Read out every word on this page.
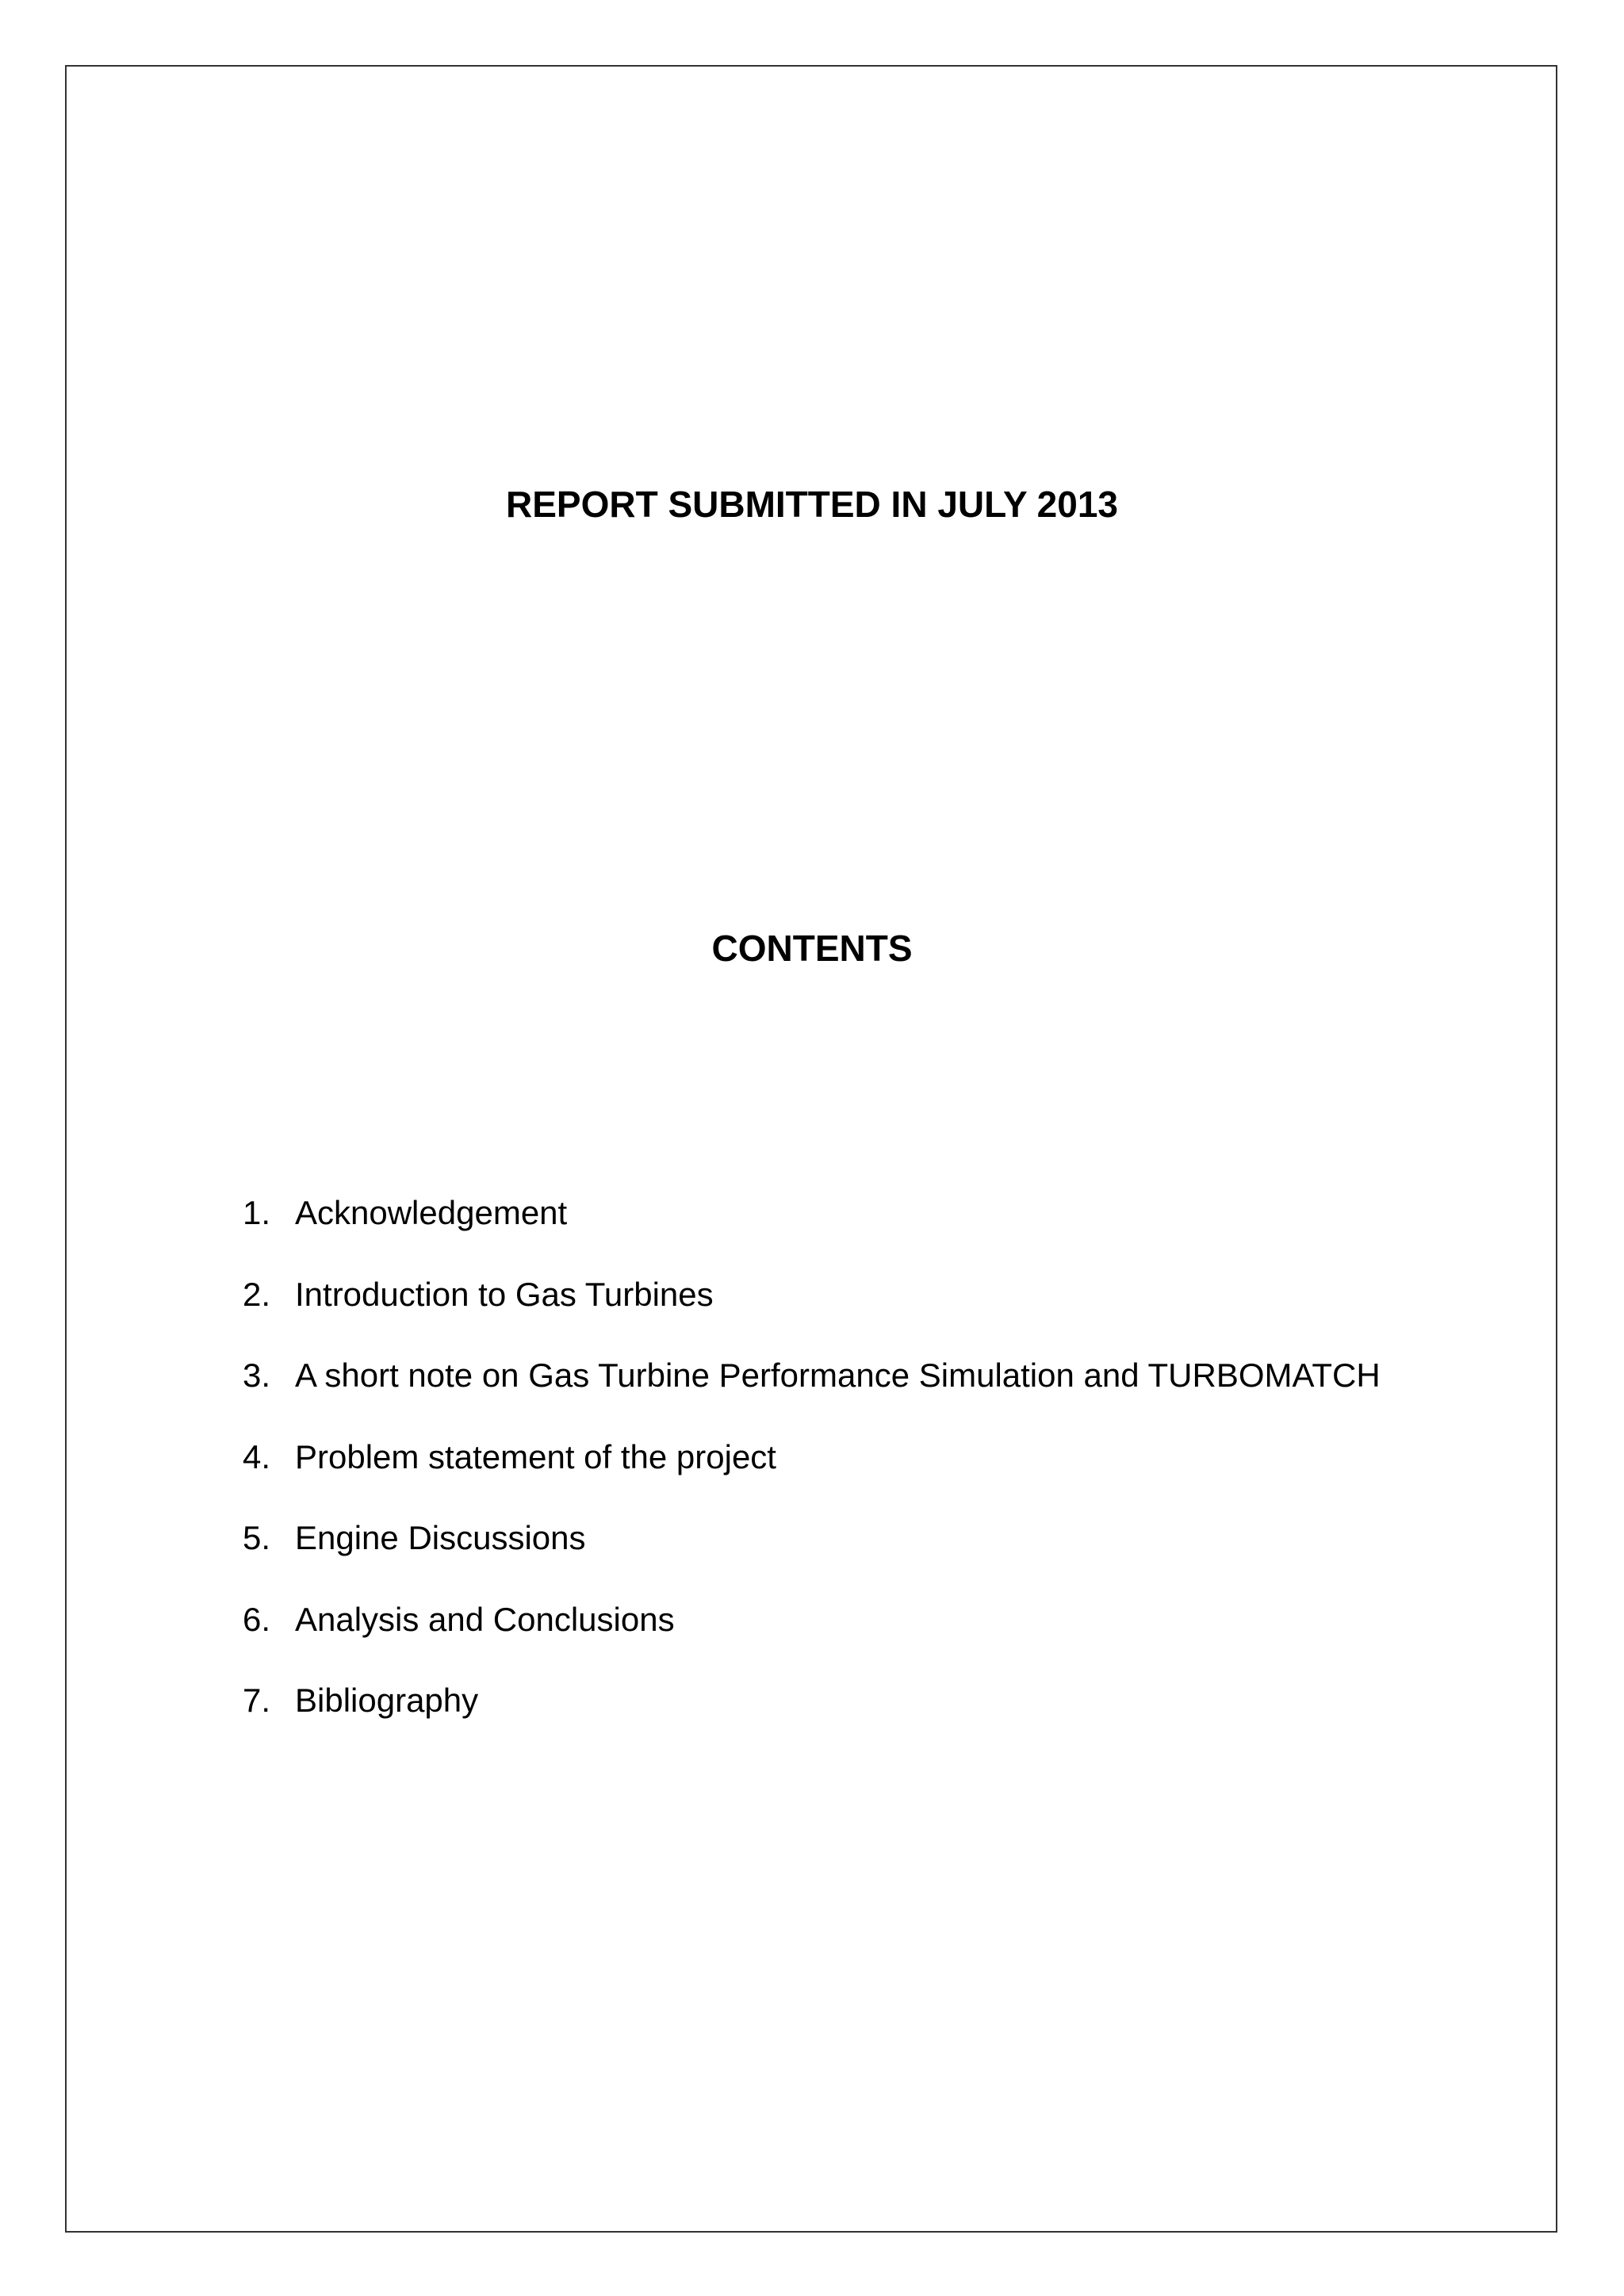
REPORT SUBMITTED IN JULY 2013
CONTENTS
1. Acknowledgement
2. Introduction to Gas Turbines
3. A short note on Gas Turbine Performance Simulation and TURBOMATCH
4. Problem statement of the project
5. Engine Discussions
6. Analysis and Conclusions
7. Bibliography
